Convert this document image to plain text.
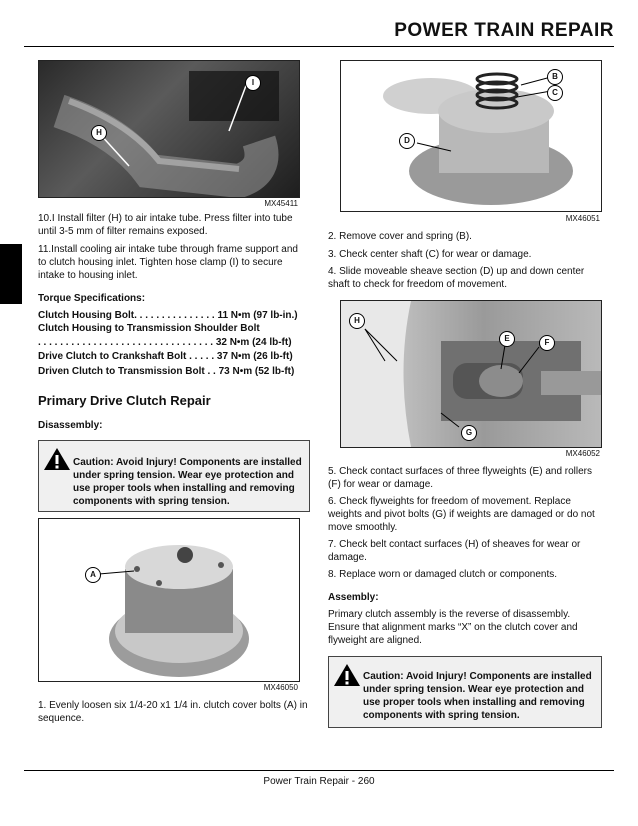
POWER TRAIN REPAIR
I
H
MX45411
10.I Install filter (H) to air intake tube. Press filter into tube until 3-5 mm of filter remains exposed.
11.Install cooling air intake tube through frame support and to clutch housing inlet. Tighten hose clamp (I) to secure intake to housing inlet.
Torque Specifications:
Clutch Housing Bolt. . . . . . . . . . . . . . . 11 N•m (97 lb-in.)
Clutch Housing to Transmission Shoulder Bolt
. . . . . . . . . . . . . . . . . . . . . . . . . . . . . . . . 32 N•m (24 lb-ft)
Drive Clutch to Crankshaft Bolt . . . . . 37 N•m (26 lb-ft)
Driven Clutch to Transmission Bolt . . 73 N•m (52 lb-ft)
Primary Drive Clutch Repair
Disassembly:
Caution: Avoid Injury! Components are installed under spring tension. Wear eye protection and use proper tools when installing and removing components with spring tension.
A
MX46050
1. Evenly loosen six 1/4-20 x1 1/4 in. clutch cover bolts (A) in sequence.
B
C
D
MX46051
2. Remove cover and spring (B).
3. Check center shaft (C) for wear or damage.
4. Slide moveable sheave section (D) up and down center shaft to check for freedom of movement.
H
E	F
G
MX46052
5. Check contact surfaces of three flyweights (E) and rollers (F) for wear or damage.
6. Check flyweights for freedom of movement. Replace weights and pivot bolts (G) if weights are damaged or do not move smoothly.
7. Check belt contact surfaces (H) of sheaves for wear or damage.
8. Replace worn or damaged clutch or components.
Assembly:
Primary clutch assembly is the reverse of disassembly. Ensure that alignment marks “X” on the clutch cover and flyweight are aligned.
Caution: Avoid Injury! Components are installed under spring tension. Wear eye protection and use proper tools when installing and removing components with spring tension.
Power Train Repair - 260
